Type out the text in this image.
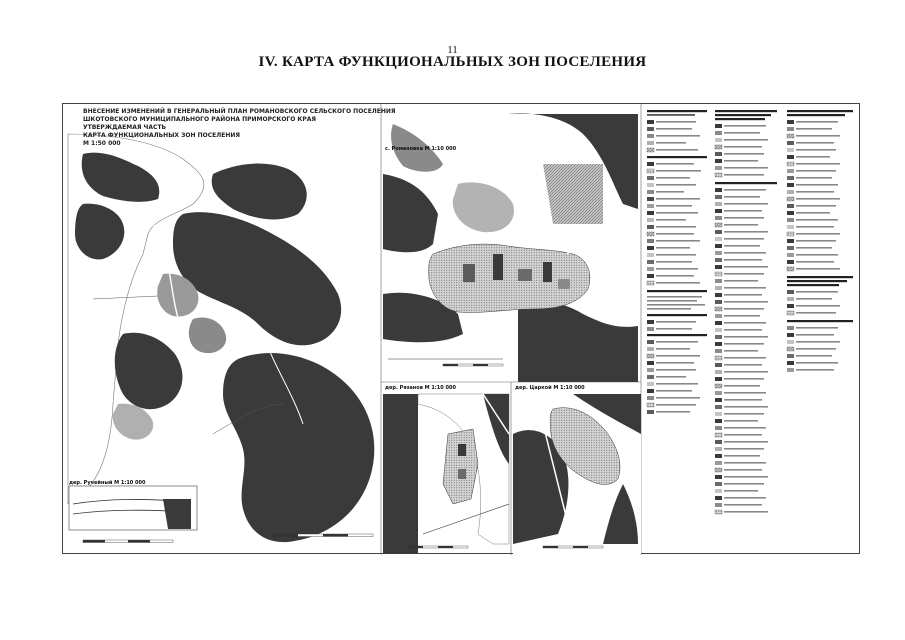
11
IV. КАРТА ФУНКЦИОНАЛЬНЫХ ЗОН ПОСЕЛЕНИЯ
ВНЕСЕНИЕ ИЗМЕНЕНИЙ В ГЕНЕРАЛЬНЫЙ ПЛАН РОМАНОВСКОГО СЕЛЬСКОГО ПОСЕЛЕНИЯ
ШКОТОВСКОГО МУНИЦИПАЛЬНОГО РАЙОНА ПРИМОРСКОГО КРАЯ
УТВЕРЖДАЕМАЯ ЧАСТЬ
КАРТА ФУНКЦИОНАЛЬНЫХ ЗОН ПОСЕЛЕНИЯ
М 1:50 000
с. Романовка М 1:10 000
дер. Рязанов М 1:10 000	дер. Царкой М 1:10 000
дер. Ручейный М 1:10 000
